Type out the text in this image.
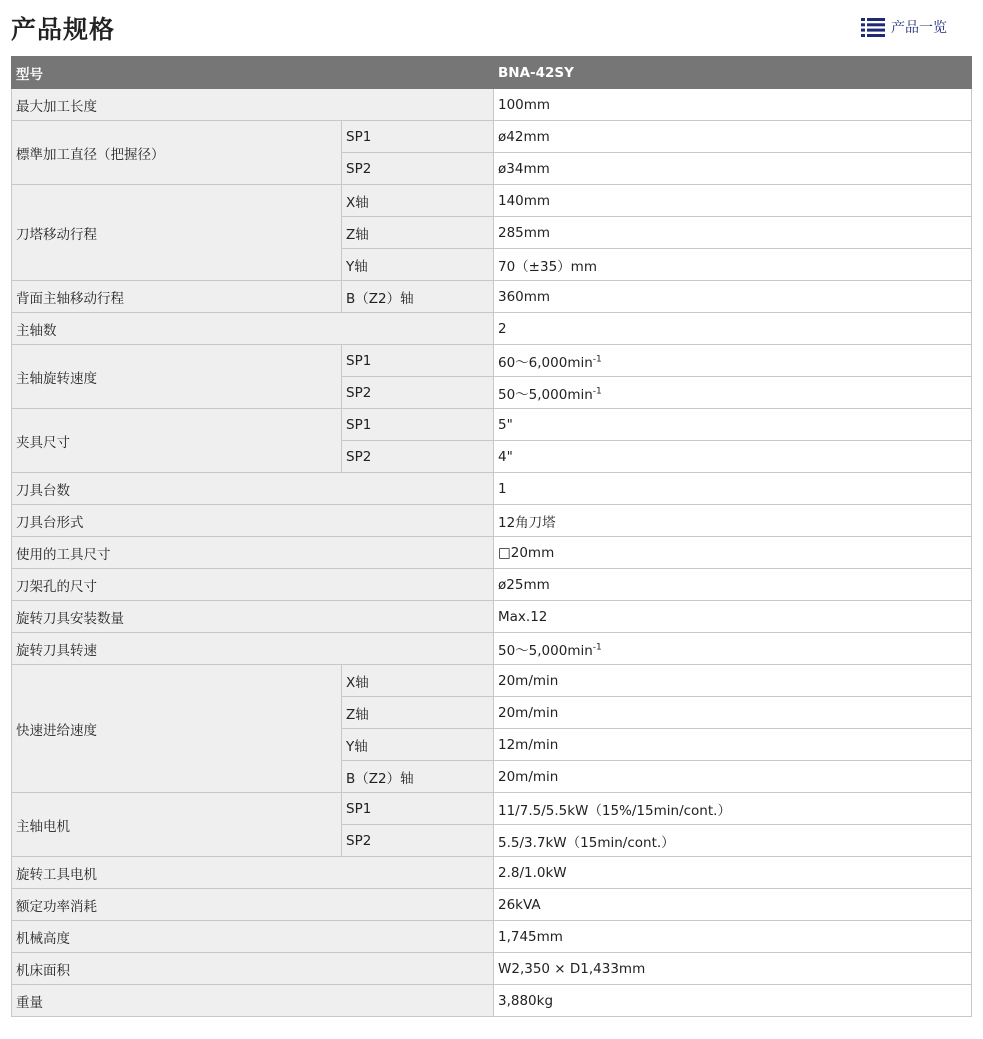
产品规格	产品一览
型号		BNA-42SY
最大加工长度		100mm
標準加工直径（把握径）	SP1	ø42mm
	SP2	ø34mm
刀塔移动行程	X轴	140mm
	Z轴	285mm
	Y轴	70（±35）mm
背面主轴移动行程	B（Z2）轴	360mm
主轴数		2
主轴旋转速度	SP1	$60\sim 6,000\min^{-1}$
	SP2	$50\sim 5,000\min^{-1}$
夹具尺寸	SP1	5"
	SP2	4"
刀具台数		1
刀具台形式		12角刀塔
使用的工具尺寸		□20mm
刀架孔的尺寸		ø25mm
旋转刀具安装数量		Max.12
旋转刀具转速		$50\sim 5,000\min^{-1}$
快速进给速度	X轴	20m/min
	Z轴	20m/min
	Y轴	12m/min
	B（Z2）轴	20m/min
主轴电机	SP1	11/7.5/5.5kW（15%/15min/cont.）
	SP2	5.5/3.7kW（15min/cont.）
旋转工具电机		2.8/1.0kW
额定功率消耗		26kVA
机械高度		1,745mm
机床面积		W2,350 × D1,433mm
重量		3,880kg
